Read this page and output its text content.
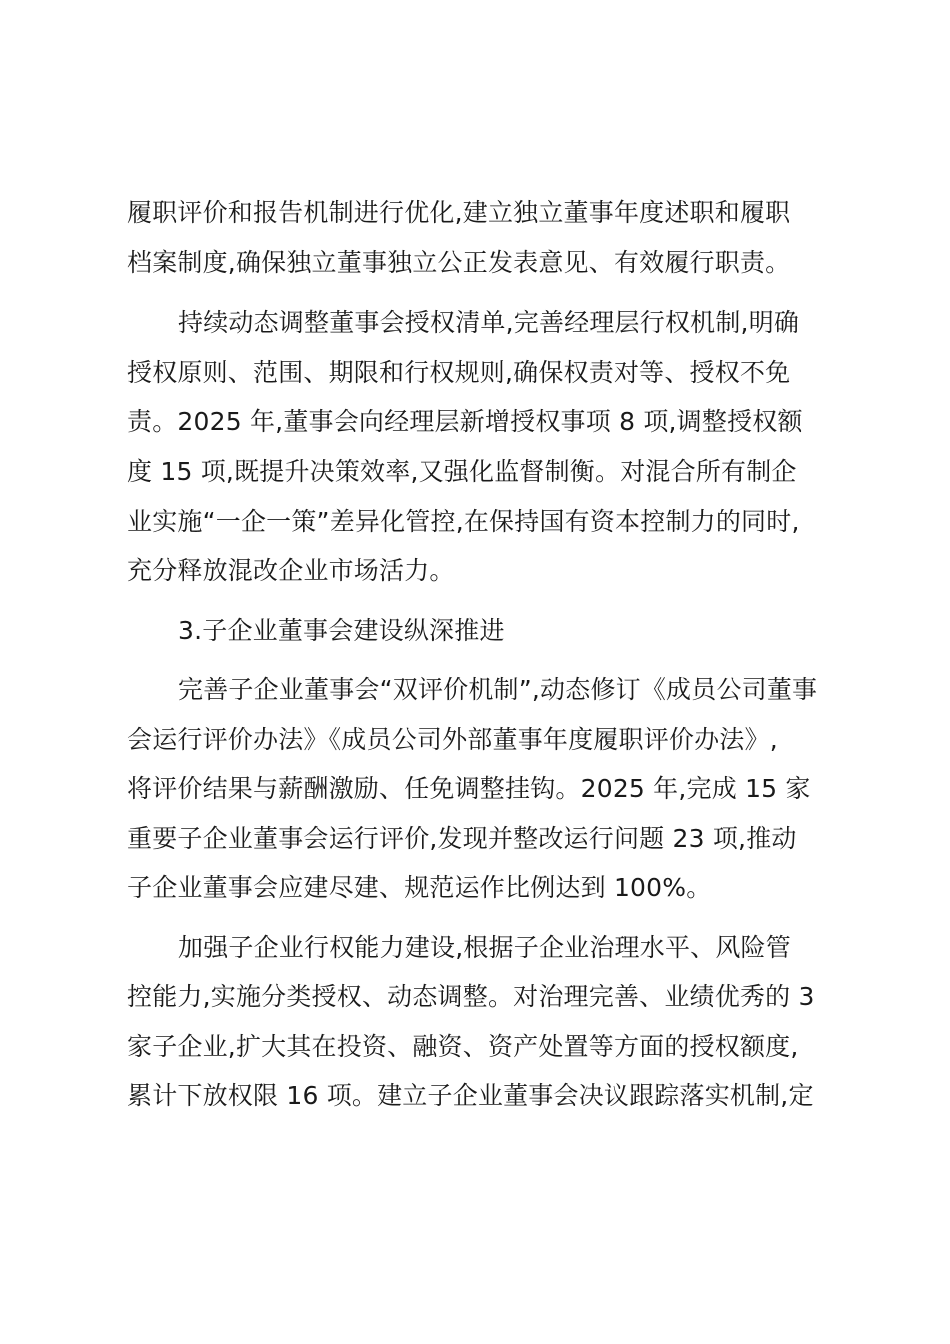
履职评价和报告机制进行优化,建立独立董事年度述职和履职
档案制度,确保独立董事独立公正发表意见、有效履行职责。
持续动态调整董事会授权清单,完善经理层行权机制,明确
授权原则、范围、期限和行权规则,确保权责对等、授权不免
责。2025 年,董事会向经理层新增授权事项 8 项,调整授权额
度 15 项,既提升决策效率,又强化监督制衡。对混合所有制企
业实施“一企一策”差异化管控,在保持国有资本控制力的同时,
充分释放混改企业市场活力。
3.子企业董事会建设纵深推进
完善子企业董事会“双评价机制”,动态修订《成员公司董事
会运行评价办法》《成员公司外部董事年度履职评价办法》,
将评价结果与薪酬激励、任免调整挂钩。2025 年,完成 15 家
重要子企业董事会运行评价,发现并整改运行问题 23 项,推动
子企业董事会应建尽建、规范运作比例达到 100%。
加强子企业行权能力建设,根据子企业治理水平、风险管
控能力,实施分类授权、动态调整。对治理完善、业绩优秀的 3
家子企业,扩大其在投资、融资、资产处置等方面的授权额度,
累计下放权限 16 项。建立子企业董事会决议跟踪落实机制,定
